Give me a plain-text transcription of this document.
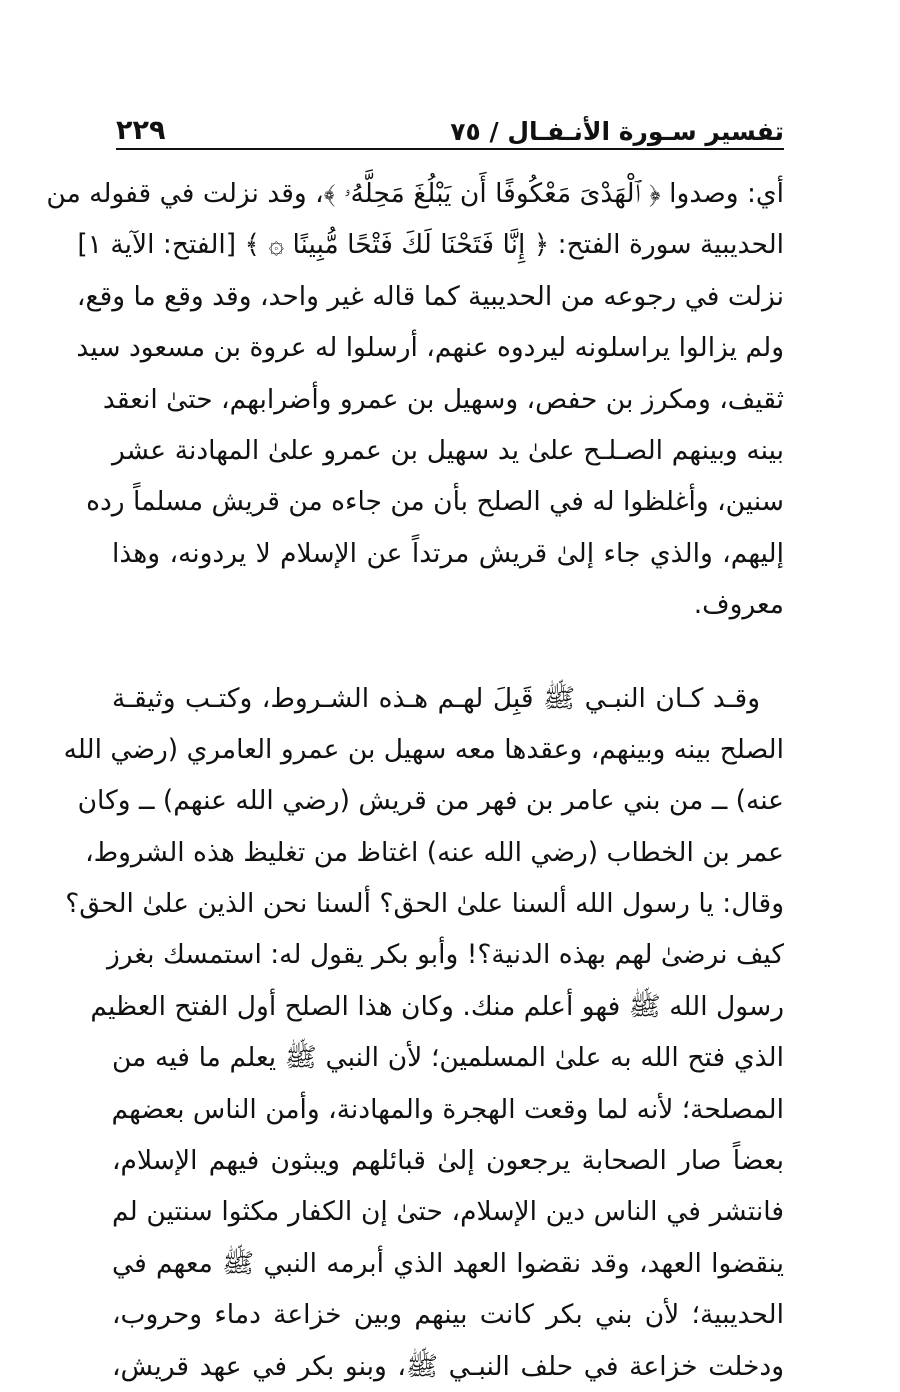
تفسير سـورة الأنـفـال / ٧٥
٢٢٩
أي: وصدوا ﴿ ٱلْهَدْىَ مَعْكُوفًا أَن يَبْلُغَ مَحِلَّهُۥ ﴾، وقد نزلت في قفوله من
الحديبية سورة الفتح: ﴿ إِنَّا فَتَحْنَا لَكَ فَتْحًا مُّبِينًا ۞ ﴾ [الفتح: الآية ١]
نزلت في رجوعه من الحديبية كما قاله غير واحد، وقد وقع ما وقع،
ولم يزالوا يراسلونه ليردوه عنهم، أرسلوا له عروة بن مسعود سيد
ثقيف، ومكرز بن حفص، وسهيل بن عمرو وأضرابهم، حتىٰ انعقد
بينه وبينهم الصـلـح علىٰ يد سهيل بن عمرو علىٰ المهادنة عشر
سنين، وأغلظوا له في الصلح بأن من جاءه من قريش مسلماً رده
إليهم، والذي جاء إلىٰ قريش مرتداً عن الإسلام لا يردونه، وهذا
معروف.
وقـد كـان النبـي ﷺ قَبِلَ لهـم هـذه الشـروط، وكتـب وثيقـة
الصلح بينه وبينهم، وعقدها معه سهيل بن عمرو العامري (رضي الله
عنه) ــ من بني عامر بن فهر من قريش (رضي الله عنهم) ــ وكان
عمر بن الخطاب (رضي الله عنه) اغتاظ من تغليظ هذه الشروط،
وقال: يا رسول الله ألسنا علىٰ الحق؟ ألسنا نحن الذين علىٰ الحق؟
كيف نرضىٰ لهم بهذه الدنية؟! وأبو بكر يقول له: استمسك بغرز
رسول الله ﷺ فهو أعلم منك. وكان هذا الصلح أول الفتح العظيم
الذي فتح الله به علىٰ المسلمين؛ لأن النبي ﷺ يعلم ما فيه من
المصلحة؛ لأنه لما وقعت الهجرة والمهادنة، وأمن الناس بعضهم
بعضاً صار الصحابة يرجعون إلىٰ قبائلهم ويبثون فيهم الإسلام،
فانتشر في الناس دين الإسلام، حتىٰ إن الكفار مكثوا سنتين لم
ينقضوا العهد، وقد نقضوا العهد الذي أبرمه النبي ﷺ معهم في
الحديبية؛ لأن بني بكر كانت بينهم وبين خزاعة دماء وحروب،
ودخلت خزاعة في حلف النبـي ﷺ، وبنو بكر في عهد قريش،
